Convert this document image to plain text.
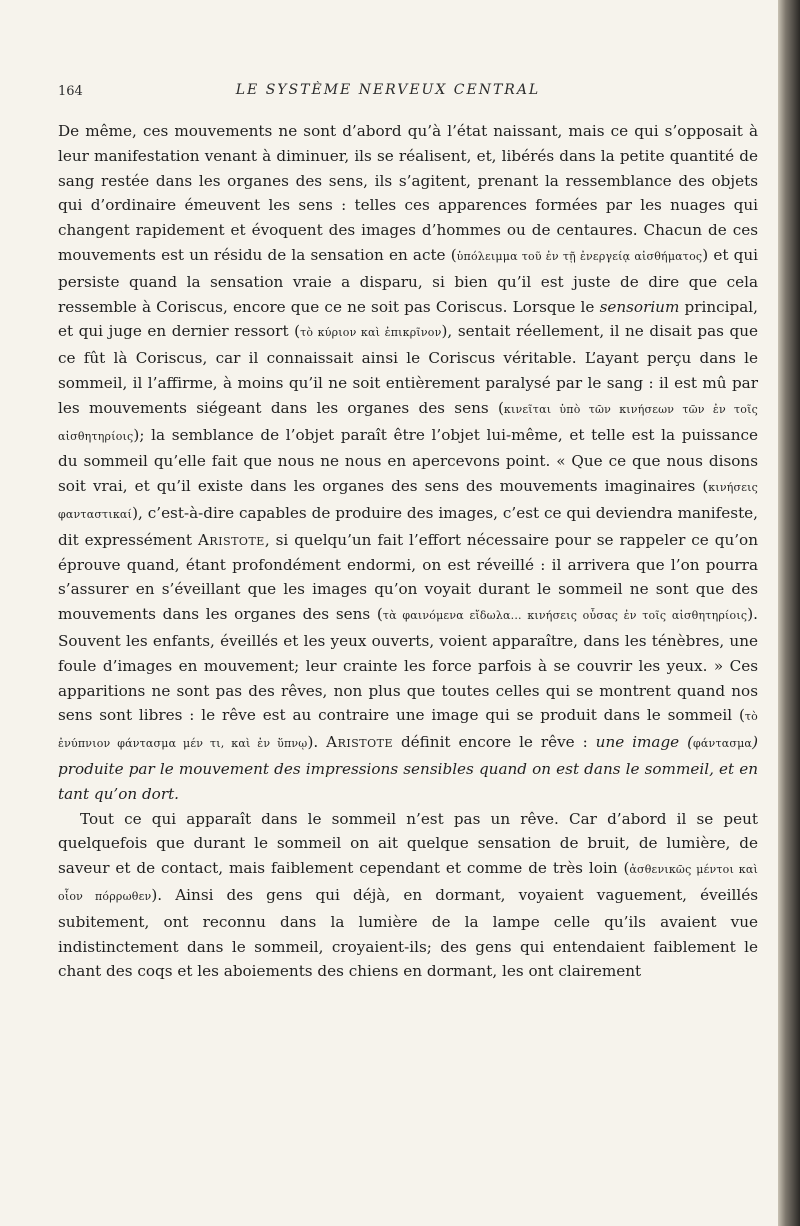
164	LE SYSTÈME NERVEUX CENTRAL

De même, ces mouvements ne sont d’abord qu’à l’état naissant, mais ce qui s’opposait à leur manifestation venant à diminuer, ils se réalisent, et, libérés dans la petite quantité de sang restée dans les organes des sens, ils s’agitent, prenant la ressemblance des objets qui d’ordinaire émeuvent les sens : telles ces apparences formées par les nuages qui changent rapidement et évoquent des images d’hommes ou de centaures. Chacun de ces mouvements est un résidu de la sensation en acte (ὑπόλειμμα τοῦ ἐν τῇ ἐνεργείᾳ αἰσθήματος) et qui persiste quand la sensation vraie a disparu, si bien qu’il est juste de dire que cela ressemble à Coriscus, encore que ce ne soit pas Coriscus. Lorsque le sensorium principal, et qui juge en dernier ressort (τὸ κύριον καὶ ἐπικρῖνον), sentait réellement, il ne disait pas que ce fût là Coriscus, car il connaissait ainsi le Coriscus véritable. L’ayant perçu dans le sommeil, il l’affirme, à moins qu’il ne soit entièrement paralysé par le sang : il est mû par les mouvements siégeant dans les organes des sens (κινεῖται ὑπὸ τῶν κινήσεων τῶν ἐν τοῖς αἰσθητηρίοις); la semblance de l’objet paraît être l’objet lui-même, et telle est la puissance du sommeil qu’elle fait que nous ne nous en apercevons point. « Que ce que nous disons soit vrai, et qu’il existe dans les organes des sens des mouvements imaginaires (κινήσεις φανταστικαί), c’est-à-dire capables de produire des images, c’est ce qui deviendra manifeste, dit expressément Aristote, si quelqu’un fait l’effort nécessaire pour se rappeler ce qu’on éprouve quand, étant profondément endormi, on est réveillé : il arrivera que l’on pourra s’assurer en s’éveillant que les images qu’on voyait durant le sommeil ne sont que des mouvements dans les organes des sens (τὰ φαινόμενα εἴδωλα... κινήσεις οὖσας ἐν τοῖς αἰσθητηρίοις). Souvent les enfants, éveillés et les yeux ouverts, voient apparaître, dans les ténèbres, une foule d’images en mouvement; leur crainte les force parfois à se couvrir les yeux. » Ces apparitions ne sont pas des rêves, non plus que toutes celles qui se montrent quand nos sens sont libres : le rêve est au contraire une image qui se produit dans le sommeil (τὸ ἐνύπνιον φάντασμα μέν τι, καὶ ἐν ὕπνῳ). Aristote définit encore le rêve : une image (φάντασμα) produite par le mouvement des impressions sensibles quand on est dans le sommeil, et en tant qu’on dort.

Tout ce qui apparaît dans le sommeil n’est pas un rêve. Car d’abord il se peut quelquefois que durant le sommeil on ait quelque sensation de bruit, de lumière, de saveur et de contact, mais faiblement cependant et comme de très loin (ἀσθενικῶς μέντοι καὶ οἷον πόρρωθεν). Ainsi des gens qui déjà, en dormant, voyaient vaguement, éveillés subitement, ont reconnu dans la lumière de la lampe celle qu’ils avaient vue indistinctement dans le sommeil, croyaient-ils; des gens qui entendaient faiblement le chant des coqs et les aboiements des chiens en dormant, les ont clairement
